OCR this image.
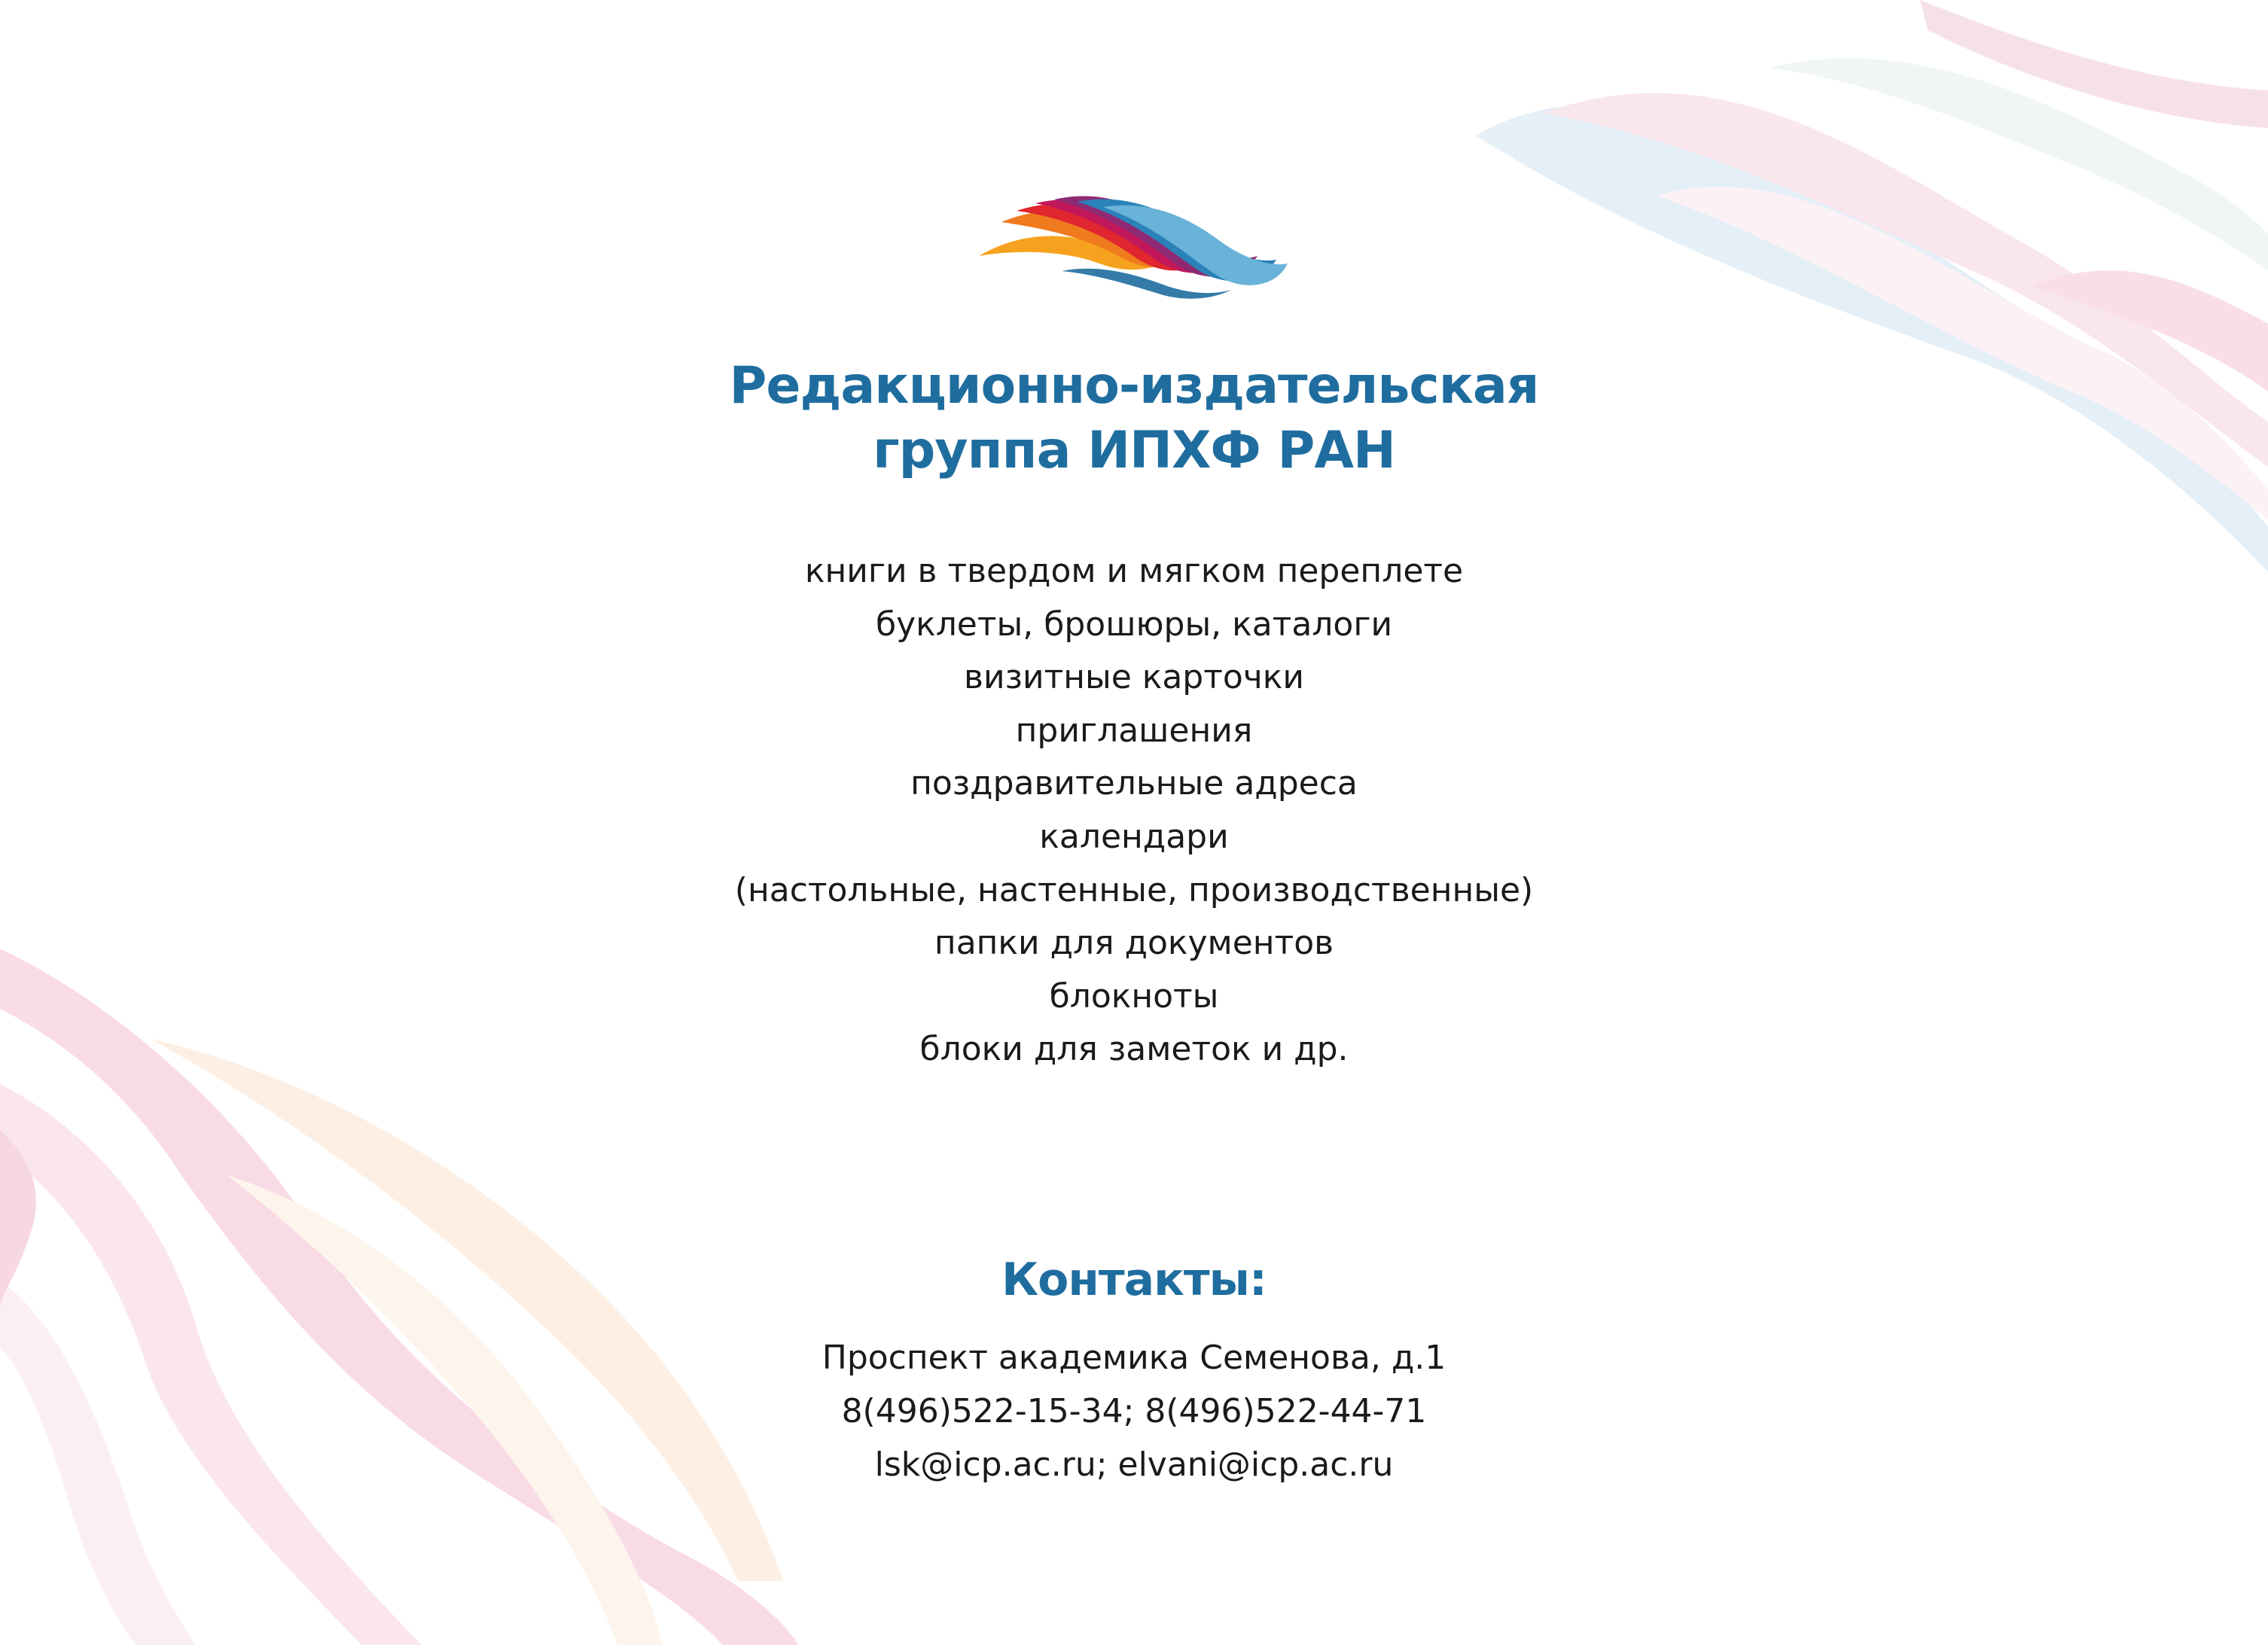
Редакционно-издательская
группа ИПХФ РАН
книги в твердом и мягком переплете
буклеты, брошюры, каталоги
визитные карточки
приглашения
поздравительные адреса
календари
(настольные, настенные, производственные)
папки для документов
блокноты
блоки для заметок и др.
Контакты:
Проспект академика Семенова, д.1
8(496)522-15-34; 8(496)522-44-71
lsk@icp.ac.ru; elvani@icp.ac.ru
